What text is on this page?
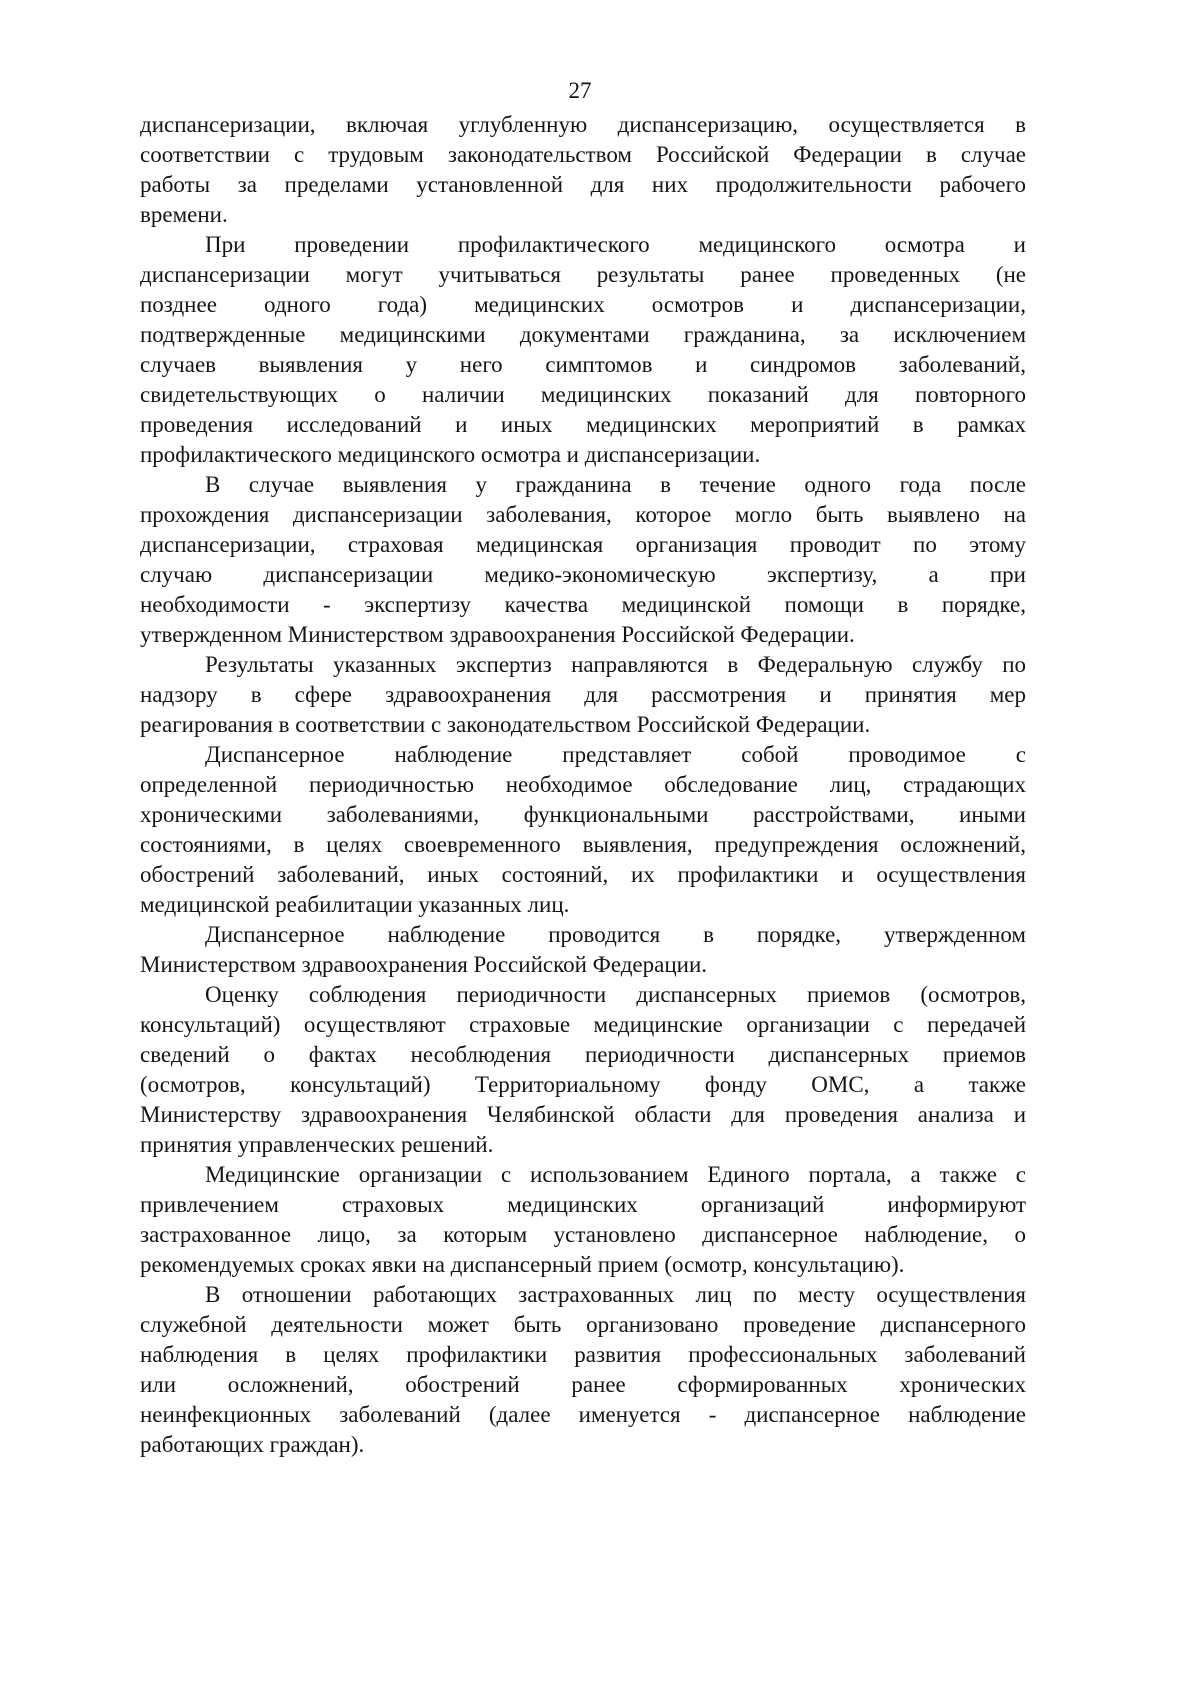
27
диспансеризации, включая углубленную диспансеризацию, осуществляется в
соответствии с трудовым законодательством Российской Федерации в случае
работы за пределами установленной для них продолжительности рабочего
времени.
При проведении профилактического медицинского осмотра и
диспансеризации могут учитываться результаты ранее проведенных (не
позднее одного года) медицинских осмотров и диспансеризации,
подтвержденные медицинскими документами гражданина, за исключением
случаев выявления у него симптомов и синдромов заболеваний,
свидетельствующих о наличии медицинских показаний для повторного
проведения исследований и иных медицинских мероприятий в рамках
профилактического медицинского осмотра и диспансеризации.
В случае выявления у гражданина в течение одного года после
прохождения диспансеризации заболевания, которое могло быть выявлено на
диспансеризации, страховая медицинская организация проводит по этому
случаю диспансеризации медико-экономическую экспертизу, а при
необходимости - экспертизу качества медицинской помощи в порядке,
утвержденном Министерством здравоохранения Российской Федерации.
Результаты указанных экспертиз направляются в Федеральную службу по
надзору в сфере здравоохранения для рассмотрения и принятия мер
реагирования в соответствии с законодательством Российской Федерации.
Диспансерное наблюдение представляет собой проводимое с
определенной периодичностью необходимое обследование лиц, страдающих
хроническими заболеваниями, функциональными расстройствами, иными
состояниями, в целях своевременного выявления, предупреждения осложнений,
обострений заболеваний, иных состояний, их профилактики и осуществления
медицинской реабилитации указанных лиц.
Диспансерное наблюдение проводится в порядке, утвержденном
Министерством здравоохранения Российской Федерации.
Оценку соблюдения периодичности диспансерных приемов (осмотров,
консультаций) осуществляют страховые медицинские организации с передачей
сведений о фактах несоблюдения периодичности диспансерных приемов
(осмотров, консультаций) Территориальному фонду ОМС, а также
Министерству здравоохранения Челябинской области для проведения анализа и
принятия управленческих решений.
Медицинские организации с использованием Единого портала, а также с
привлечением страховых медицинских организаций информируют
застрахованное лицо, за которым установлено диспансерное наблюдение, о
рекомендуемых сроках явки на диспансерный прием (осмотр, консультацию).
В отношении работающих застрахованных лиц по месту осуществления
служебной деятельности может быть организовано проведение диспансерного
наблюдения в целях профилактики развития профессиональных заболеваний
или осложнений, обострений ранее сформированных хронических
неинфекционных заболеваний (далее именуется - диспансерное наблюдение
работающих граждан).
